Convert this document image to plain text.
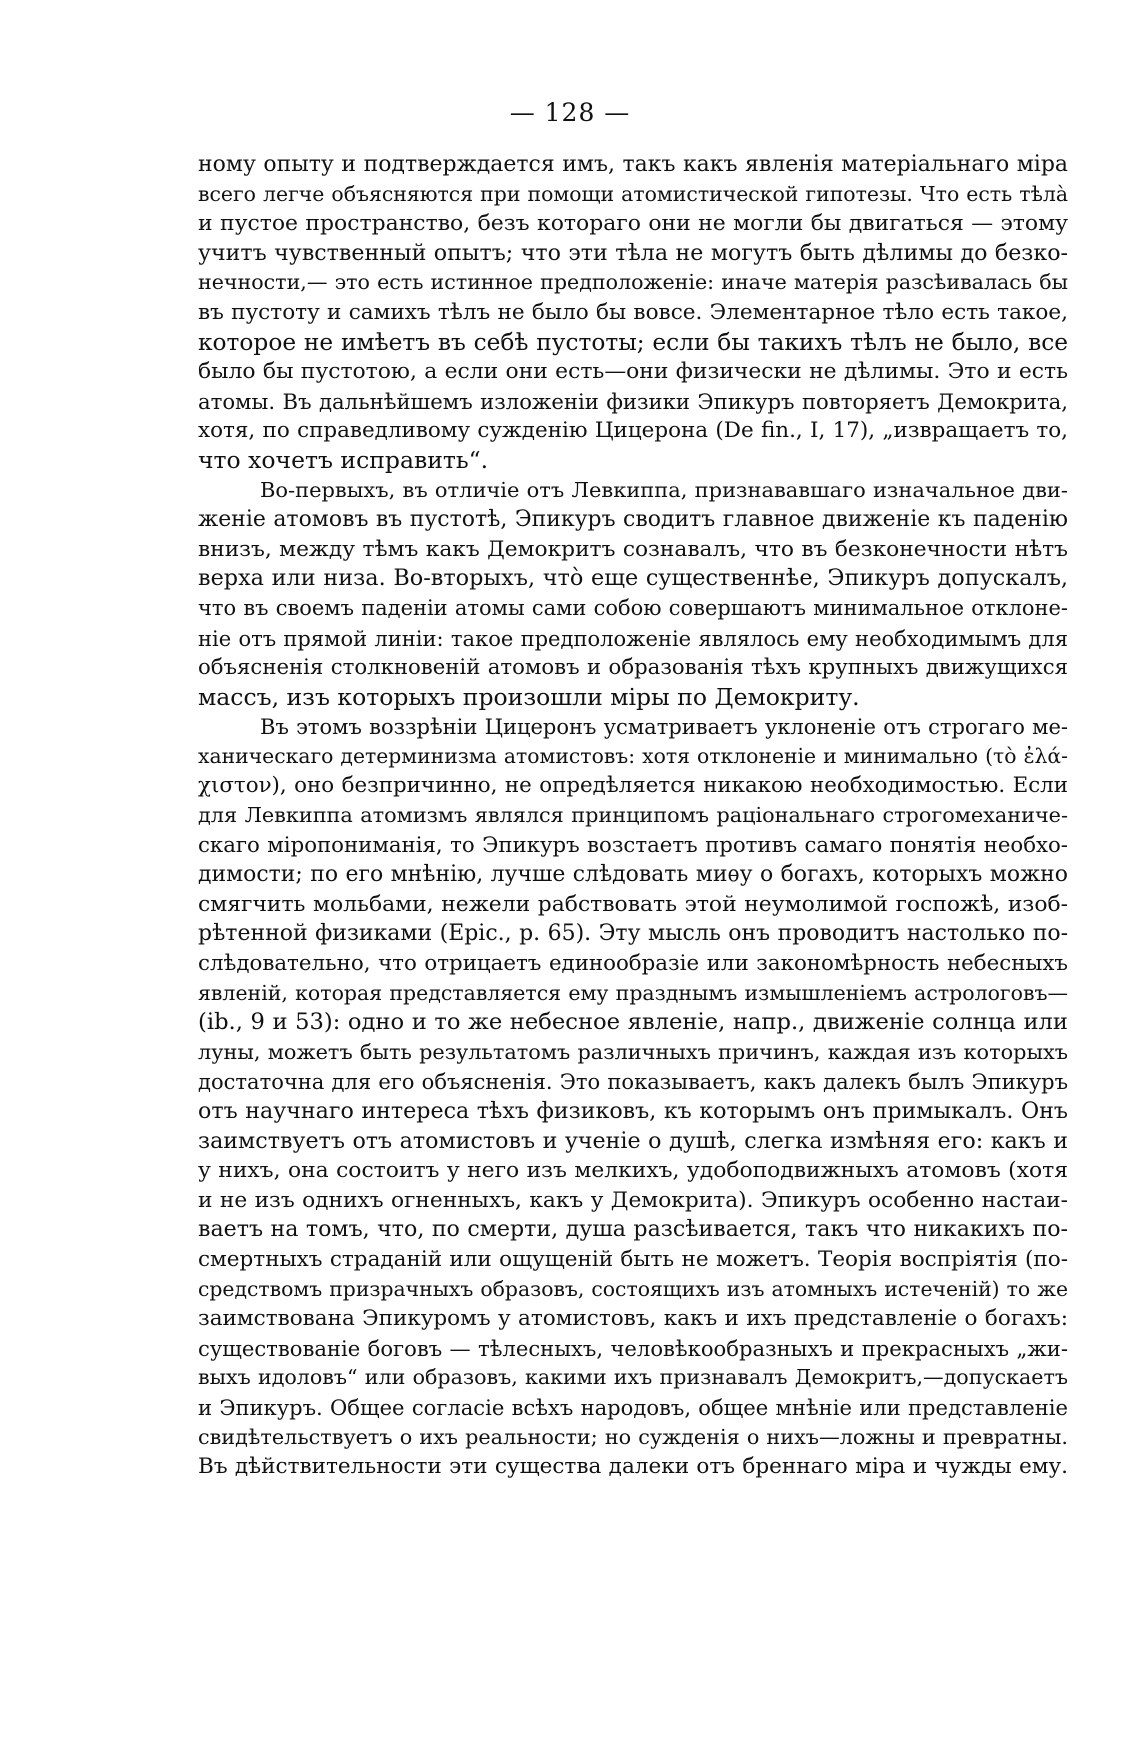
— 128 —
ному опыту и подтверждается имъ, такъ какъ явленія матеріальнаго міра
всего легче объясняются при помощи атомистической гипотезы. Что есть тѣла̀
и пустое пространство, безъ котораго они не могли бы двигаться — этому
учитъ чувственный опытъ; что эти тѣла не могутъ быть дѣлимы до безко-
нечности,— это есть истинное предположеніе: иначе матерія разсѣивалась бы
въ пустоту и самихъ тѣлъ не было бы вовсе. Элементарное тѣло есть такое,
которое не имѣетъ въ себѣ пустоты; если бы такихъ тѣлъ не было, все
было бы пустотою, а если они есть—они физически не дѣлимы. Это и есть
атомы. Въ дальнѣйшемъ изложеніи физики Эпикуръ повторяетъ Демокрита,
хотя, по справедливому сужденію Цицерона (De fin., I, 17), „извращаетъ то,
что хочетъ исправить“.
Во-первыхъ, въ отличіе отъ Левкиппа, признававшаго изначальное дви-
женіе атомовъ въ пустотѣ, Эпикуръ сводитъ главное движеніе къ паденію
внизъ, между тѣмъ какъ Демокритъ сознавалъ, что въ безконечности нѣтъ
верха или низа. Во-вторыхъ, что̀ еще существеннѣе, Эпикуръ допускалъ,
что въ своемъ паденіи атомы сами собою совершаютъ минимальное отклоне-
ніе отъ прямой линіи: такое предположеніе являлось ему необходимымъ для
объясненія столкновеній атомовъ и образованія тѣхъ крупныхъ движущихся
массъ, изъ которыхъ произошли міры по Демокриту.
Въ этомъ воззрѣніи Цицеронъ усматриваетъ уклоненіе отъ строгаго ме-
ханическаго детерминизма атомистовъ: хотя отклоненіе и минимально (τὸ ἐλά-
χιστον), оно безпричинно, не опредѣляется никакою необходимостью. Если
для Левкиппа атомизмъ являлся принципомъ раціональнаго строгомеханиче-
скаго міропониманія, то Эпикуръ возстаетъ противъ самаго понятія необхо-
димости; по его мнѣнію, лучше слѣдовать миѳу о богахъ, которыхъ можно
смягчить мольбами, нежели рабствовать этой неумолимой госпожѣ, изоб-
рѣтенной физиками (Epic., p. 65). Эту мысль онъ проводитъ настолько по-
слѣдовательно, что отрицаетъ единообразіе или закономѣрность небесныхъ
явленій, которая представляется ему празднымъ измышленіемъ астрологовъ—
(ib., 9 и 53): одно и то же небесное явленіе, напр., движеніе солнца или
луны, можетъ быть результатомъ различныхъ причинъ, каждая изъ которыхъ
достаточна для его объясненія. Это показываетъ, какъ далекъ былъ Эпикуръ
отъ научнаго интереса тѣхъ физиковъ, къ которымъ онъ примыкалъ. Онъ
заимствуетъ отъ атомистовъ и ученіе о душѣ, слегка измѣняя его: какъ и
у нихъ, она состоитъ у него изъ мелкихъ, удобоподвижныхъ атомовъ (хотя
и не изъ однихъ огненныхъ, какъ у Демокрита). Эпикуръ особенно настаи-
ваетъ на томъ, что, по смерти, душа разсѣивается, такъ что никакихъ по-
смертныхъ страданій или ощущеній быть не можетъ. Теорія воспріятія (по-
средствомъ призрачныхъ образовъ, состоящихъ изъ атомныхъ истеченій) то же
заимствована Эпикуромъ у атомистовъ, какъ и ихъ представленіе о богахъ:
существованіе боговъ — тѣлесныхъ, человѣкообразныхъ и прекрасныхъ „жи-
выхъ идоловъ“ или образовъ, какими ихъ признавалъ Демокритъ,—допускаетъ
и Эпикуръ. Общее согласіе всѣхъ народовъ, общее мнѣніе или представленіе
свидѣтельствуетъ о ихъ реальности; но сужденія о нихъ—ложны и превратны.
Въ дѣйствительности эти существа далеки отъ бреннаго міра и чужды ему.
